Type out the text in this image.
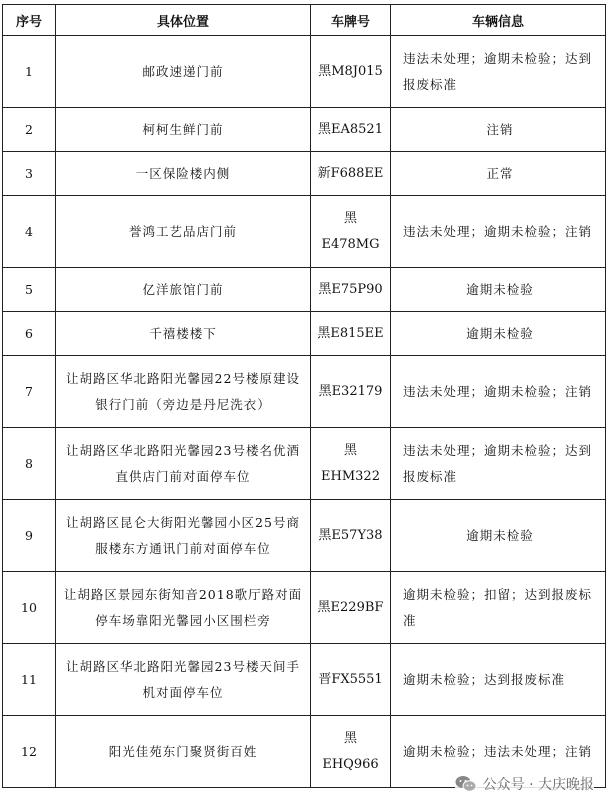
序号	具体位置	车牌号	车辆信息
1	邮政速递门前	黑M8J015	违法未处理；逾期未检验；达到报废标准
2	柯柯生鲜门前	黑EA8521	注销
3	一区保险楼内侧	新F688EE	正常
4	誉鸿工艺品店门前	黑E478MG	违法未处理；逾期未检验；注销
5	亿洋旅馆门前	黑E75P90	逾期未检验
6	千禧楼楼下	黑E815EE	逾期未检验
7	让胡路区华北路阳光馨园22号楼原建设银行门前（旁边是丹尼洗衣）	黑E32179	违法未处理；逾期未检验；注销
8	让胡路区华北路阳光馨园23号楼名优酒直供店门前对面停车位	黑EHM322	违法未处理；逾期未检验；达到报废标准
9	让胡路区昆仑大街阳光馨园小区25号商服楼东方通讯门前对面停车位	黑E57Y38	逾期未检验
10	让胡路区景园东街知音2018歌厅路对面停车场靠阳光馨园小区围栏旁	黑E229BF	逾期未检验；扣留；达到报废标准
11	让胡路区华北路阳光馨园23号楼天间手机对面停车位	晋FX5551	逾期未检验；达到报废标准
12	阳光佳苑东门聚贤街百姓	黑EHQ966	逾期未检验；违法未处理；注销
公众号 · 大庆晚报
